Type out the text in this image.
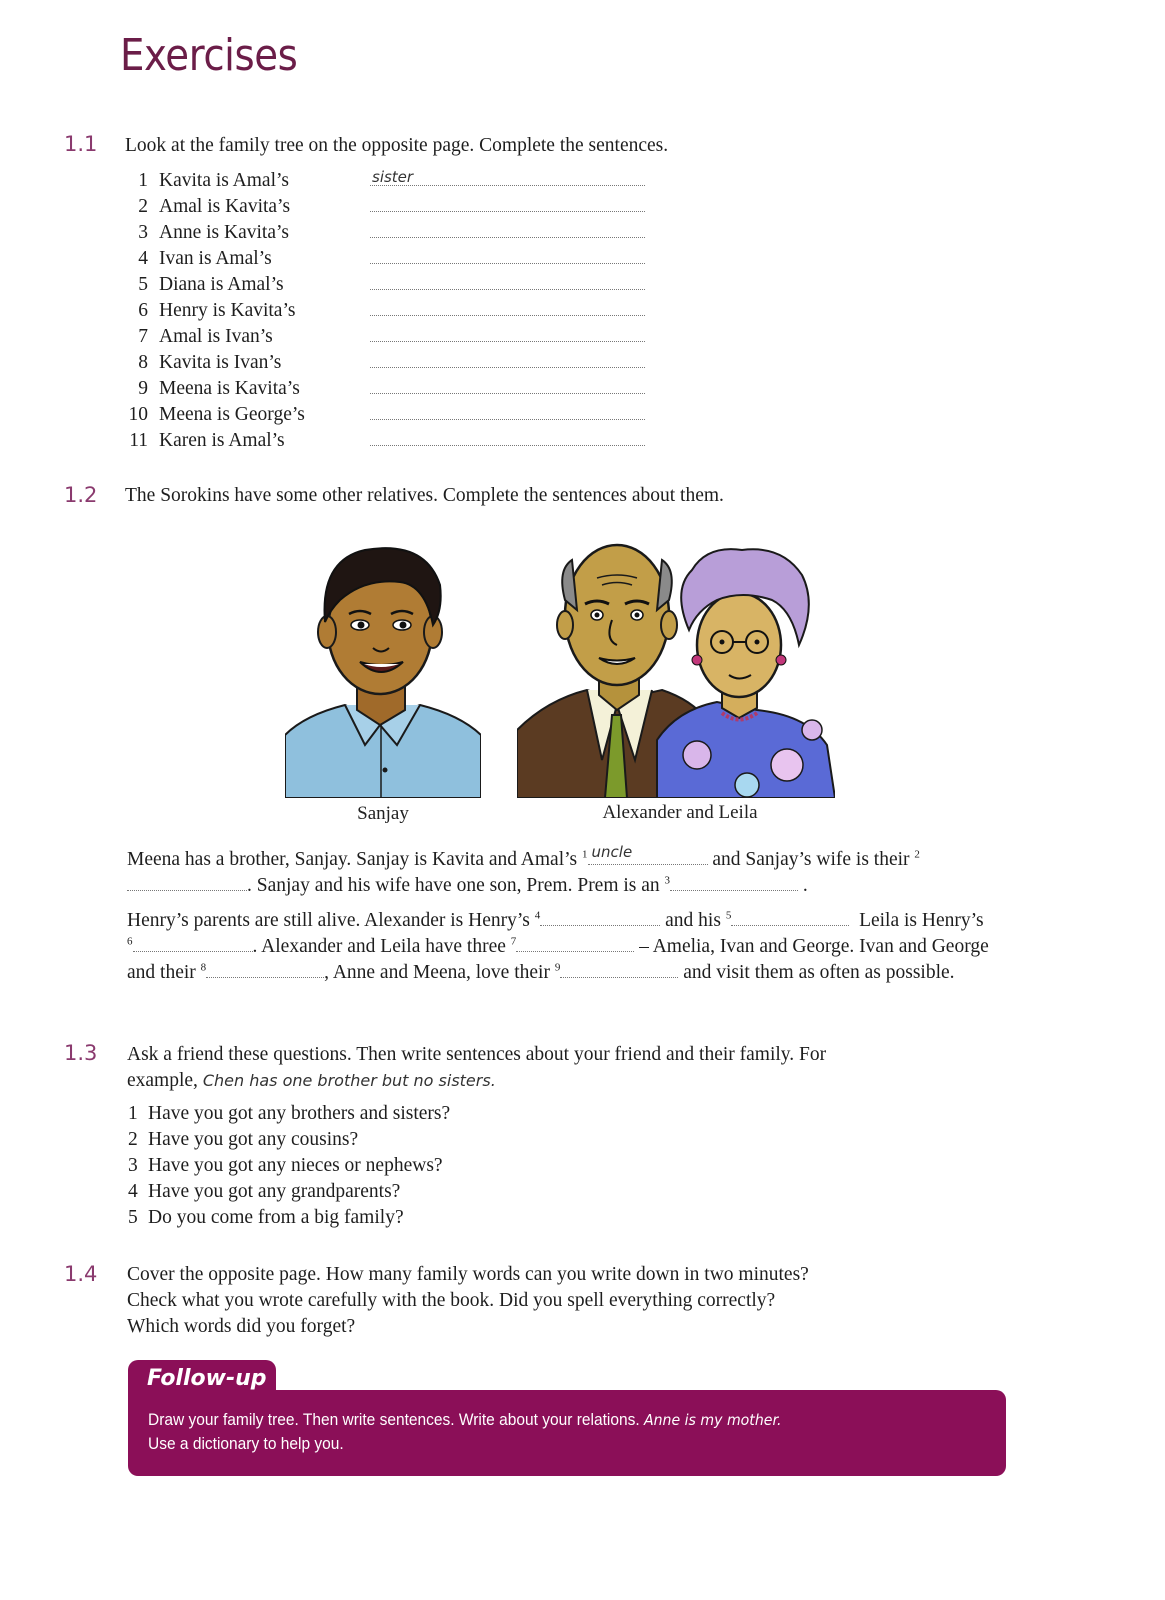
Exercises
1.1 Look at the family tree on the opposite page. Complete the sentences.
1 Kavita is Amal’s	sister
2 Amal is Kavita’s
3 Anne is Kavita’s
4 Ivan is Amal’s
5 Diana is Amal’s
6 Henry is Kavita’s
7 Amal is Ivan’s
8 Kavita is Ivan’s
9 Meena is Kavita’s
10 Meena is George’s
11 Karen is Amal’s
1.2 The Sorokins have some other relatives. Complete the sentences about them.
Sanjay	Alexander and Leila
Meena has a brother, Sanjay. Sanjay is Kavita and Amal’s $^1$ uncle	and Sanjay’s wife is their $^2$. Sanjay and his wife have one son, Prem. Prem is an $^3$	.
Henry’s parents are still alive. Alexander is Henry’s $^4$	and his $^5$	Leila is Henry’s $^6$	. Alexander and Leila have three $^7$	– Amelia, Ivan and George. Ivan and George and their $^8$	, Anne and Meena, love their $^9$	and visit them as often as possible.
1.3 Ask a friend these questions. Then write sentences about your friend and their family. For
example, Chen has one brother but no sisters.
1 Have you got any brothers and sisters?
2 Have you got any cousins?
3 Have you got any nieces or nephews?
4 Have you got any grandparents?
5 Do you come from a big family?
1.4 Cover the opposite page. How many family words can you write down in two minutes?
Check what you wrote carefully with the book. Did you spell everything correctly?
Which words did you forget?
Follow-up
Draw your family tree. Then write sentences. Write about your relations. Anne is my mother.
Use a dictionary to help you.
